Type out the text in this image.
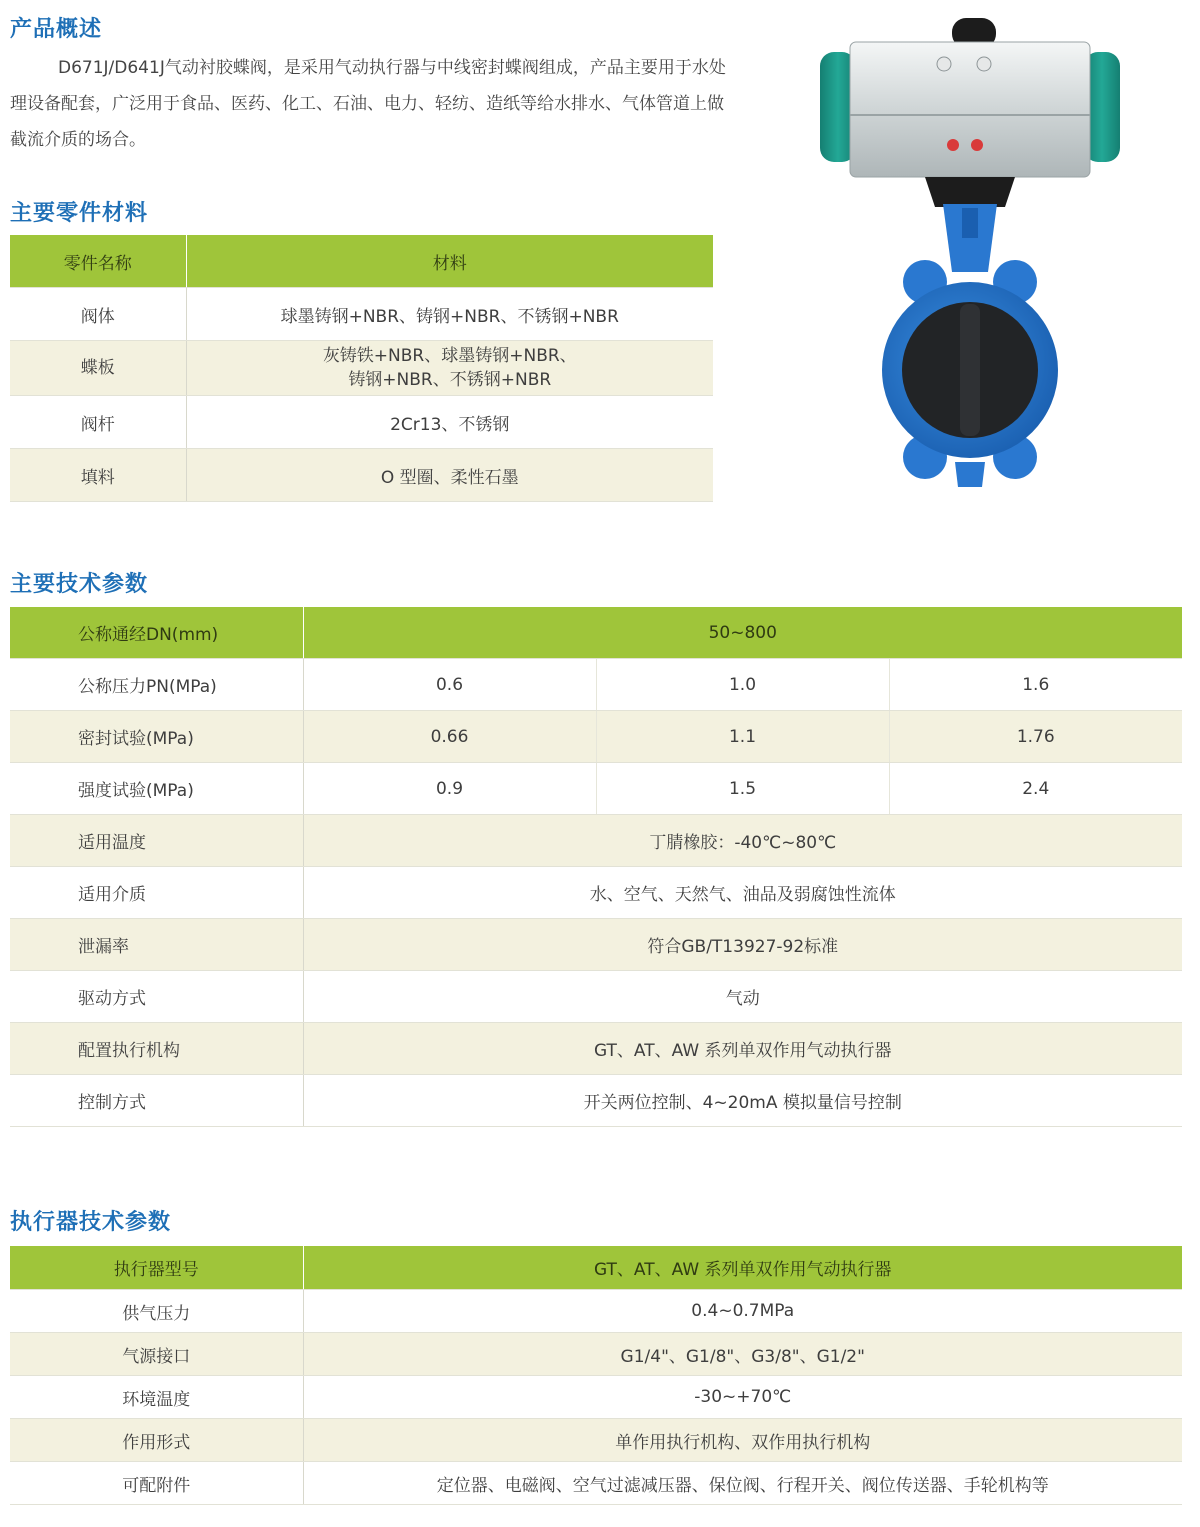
产品概述

D671J/D641J气动衬胶蝶阀，是采用气动执行器与中线密封蝶阀组成，产品主要用于水处理设备配套，广泛用于食品、医药、化工、石油、电力、轻纺、造纸等给水排水、气体管道上做截流介质的场合。

主要零件材料
零件名称	材料
阀体	球墨铸钢+NBR、铸钢+NBR、不锈钢+NBR
蝶板	灰铸铁+NBR、球墨铸钢+NBR、
铸钢+NBR、不锈钢+NBR
阀杆	2Cr13、不锈钢
填料	O 型圈、柔性石墨
主要技术参数
公称通经DN(mm)	50~800		
公称压力PN(MPa)	0.6	1.0	1.6
密封试验(MPa)	0.66	1.1	1.76
强度试验(MPa)	0.9	1.5	2.4
适用温度	丁腈橡胶：-40℃~80℃		
适用介质	水、空气、天然气、油品及弱腐蚀性流体		
泄漏率	符合GB/T13927-92标准		
驱动方式	气动		
配置执行机构	GT、AT、AW 系列单双作用气动执行器		
控制方式	开关两位控制、4~20mA 模拟量信号控制		
执行器技术参数
执行器型号	GT、AT、AW 系列单双作用气动执行器
供气压力	0.4~0.7MPa
气源接口	G1/4"、G1/8"、G3/8"、G1/2"
环境温度	-30~+70℃
作用形式	单作用执行机构、双作用执行机构
可配附件	定位器、电磁阀、空气过滤减压器、保位阀、行程开关、阀位传送器、手轮机构等
